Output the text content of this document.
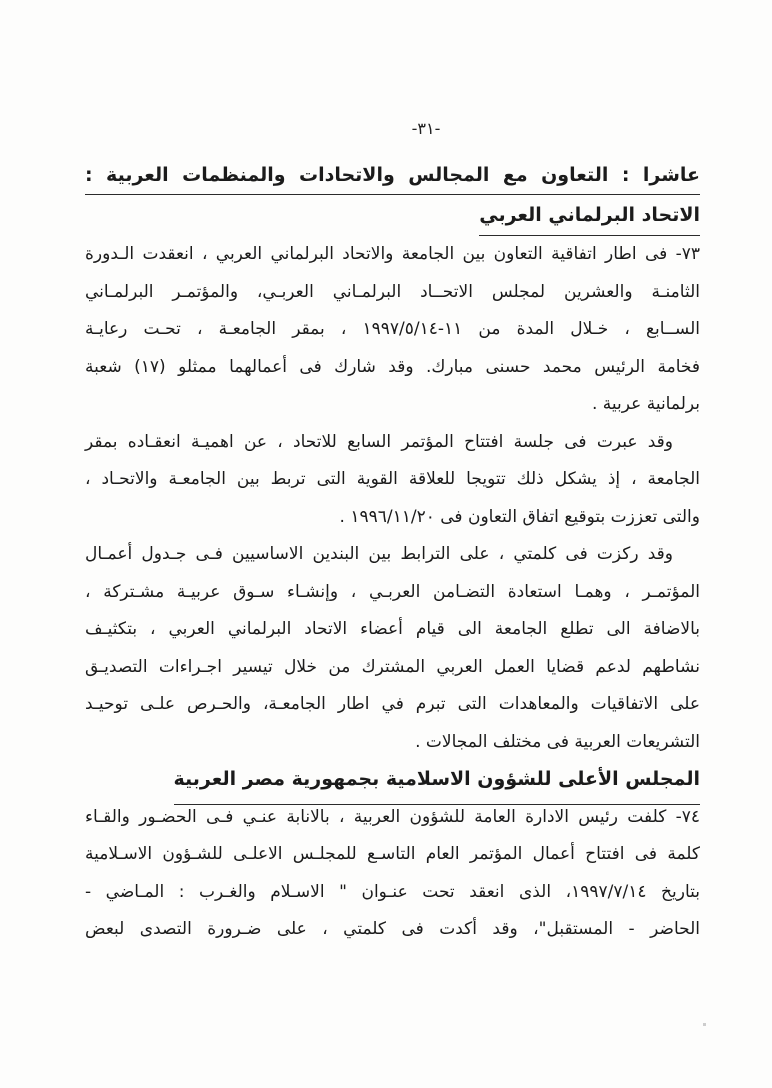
-٣١-
عاشرا : التعاون مع المجالس والاتحادات والمنظمات العربية :
الاتحاد البرلماني العربي
٧٣- فى اطار اتفاقية التعاون بين الجامعة والاتحاد البرلماني العربي ، انعقدت الـدورة
الثامنـة والعشرين لمجلس الاتحــاد البرلمـاني العربـي، والمؤتمـر البرلمـاني
الســابع ، خـلال المدة من ١١-١٩٩٧/٥/١٤ ، بمقر الجامعـة ، تحـت رعايـة
فخامة الرئيس محمد حسنى مبارك. وقد شارك فى أعمالهما ممثلو (١٧) شعبة
برلمانية عربية .
وقد عبرت فى جلسة افتتاح المؤتمر السابع للاتحاد ، عن اهميـة انعقـاده بمقر
الجامعة ، إذ يشكل ذلك تتويجا للعلاقة القوية التى تربط بين الجامعـة والاتحـاد ،
والتى تعززت بتوقيع اتفاق التعاون فى ١٩٩٦/١١/٢٠ .
وقد ركزت فى كلمتي ، على الترابط بين البندين الاساسيين فـى جـدول أعمـال
المؤتمـر ، وهمـا استعادة التضـامن العربـي ، وإنشـاء سـوق عربيـة مشـتركة ،
بالاضافة الى تطلع الجامعة الى قيام أعضاء الاتحاد البرلماني العربي ، بتكثيـف
نشاطهم لدعم قضايا العمل العربي المشترك من خلال تيسير اجـراءات التصديـق
على الاتفاقيات والمعاهدات التى تبرم في اطار الجامعـة، والحـرص علـى توحيـد
التشريعات العربية فى مختلف المجالات .
المجلس الأعلى للشؤون الاسلامية بجمهورية مصر العربية
٧٤- كلفت رئيس الادارة العامة للشؤون العربية ، بالانابة عنـي فـى الحضـور والقـاء
كلمة فى افتتاح أعمال المؤتمر العام التاسـع للمجلـس الاعلـى للشـؤون الاسـلامية
بتاريخ ١٩٩٧/٧/١٤، الذى انعقد تحت عنـوان " الاسـلام والغـرب : المـاضي -
الحاضر - المستقبل"، وقد أكدت فى كلمتي ، على ضـرورة التصدى لبعض
